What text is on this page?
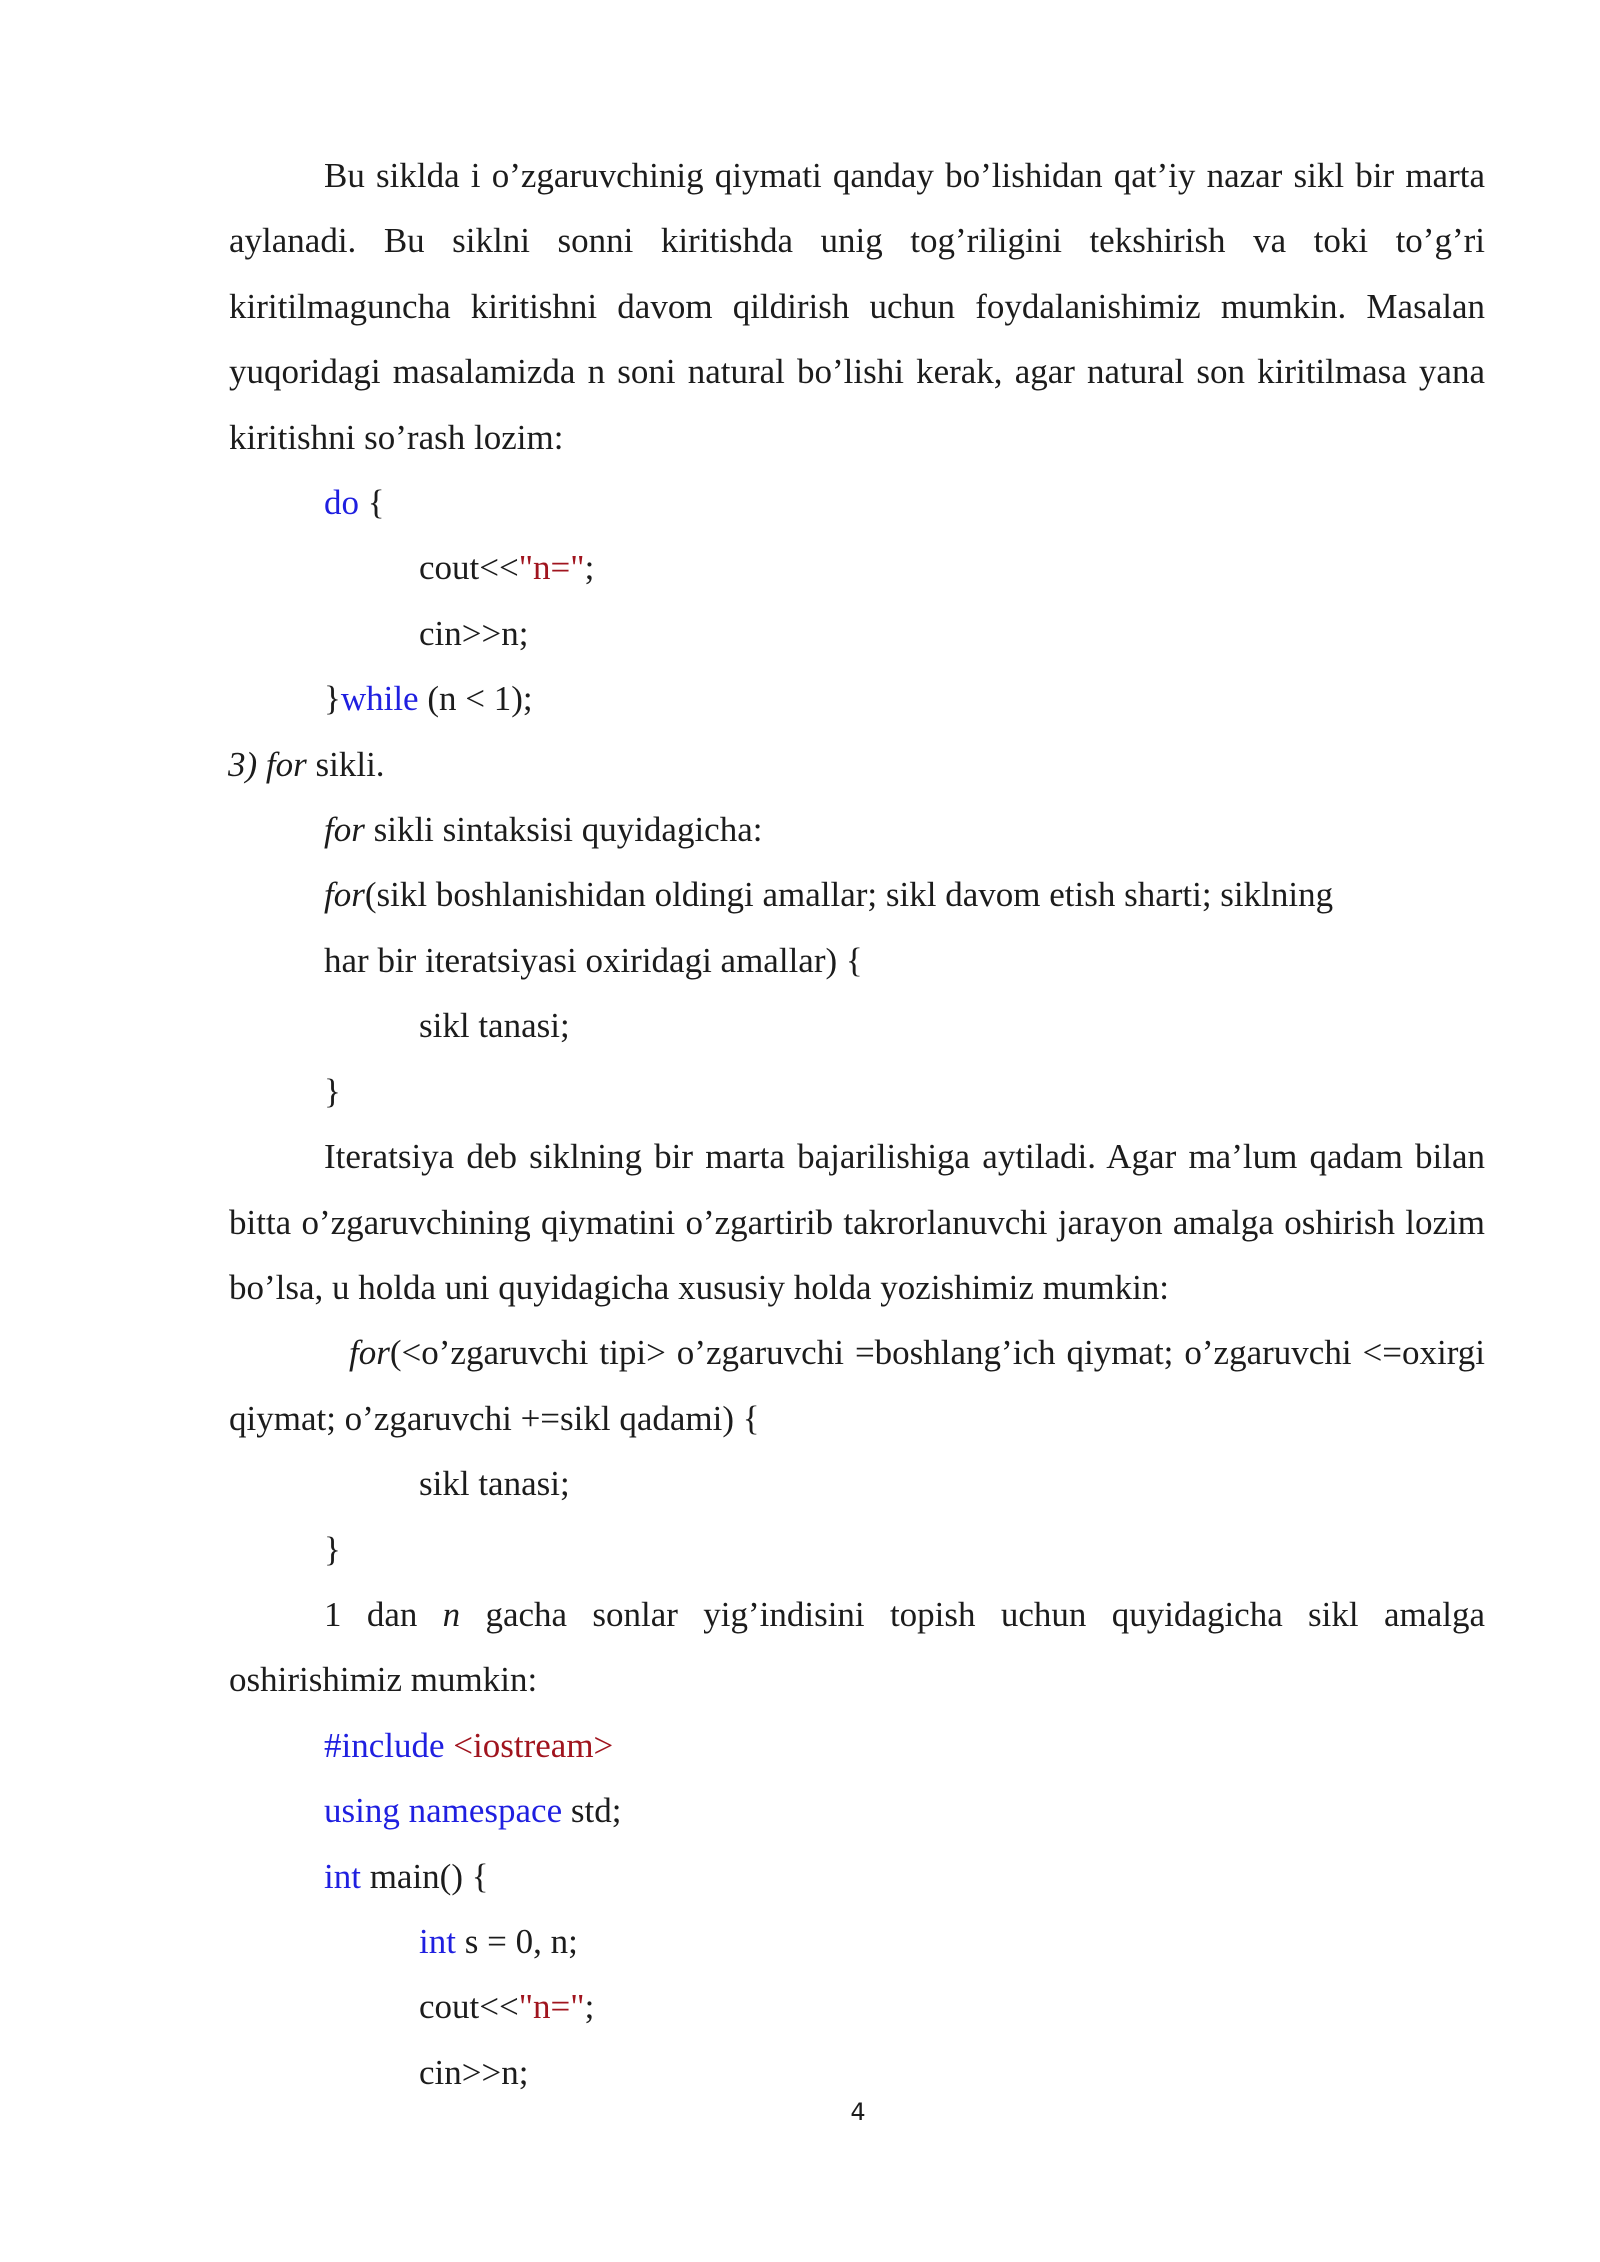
Bu siklda i o’zgaruvchinig qiymati qanday bo’lishidan qat’iy nazar sikl bir marta aylanadi. Bu siklni sonni kiritishda unig tog’riligini tekshirish va toki to’g’ri kiritilmaguncha kiritishni davom qildirish uchun foydalanishimiz mumkin. Masalan yuqoridagi masalamizda n soni natural bo’lishi kerak, agar natural son kiritilmasa yana kiritishni so’rash lozim:

do {

cout<<"n=";

cin>>n;

}while (n < 1);

3) for sikli.

for sikli sintaksisi quyidagicha:

for(sikl boshlanishidan oldingi amallar; sikl davom etish sharti; siklning

har bir iteratsiyasi oxiridagi amallar) {

sikl tanasi;

}

Iteratsiya deb siklning bir marta bajarilishiga aytiladi. Agar ma’lum qadam bilan bitta o’zgaruvchining qiymatini o’zgartirib takrorlanuvchi jarayon amalga oshirish lozim bo’lsa, u holda uni quyidagicha xususiy holda yozishimiz mumkin:

for(<o’zgaruvchi tipi> o’zgaruvchi =boshlang’ich qiymat; o’zgaruvchi <=oxirgi qiymat; o’zgaruvchi +=sikl qadami) {

sikl tanasi;

}

1 dan n gacha sonlar yig’indisini topish uchun quyidagicha sikl amalga oshirishimiz mumkin:

#include <iostream>

using namespace std;

int main() {

int s = 0, n;

cout<<"n=";

cin>>n;

4
